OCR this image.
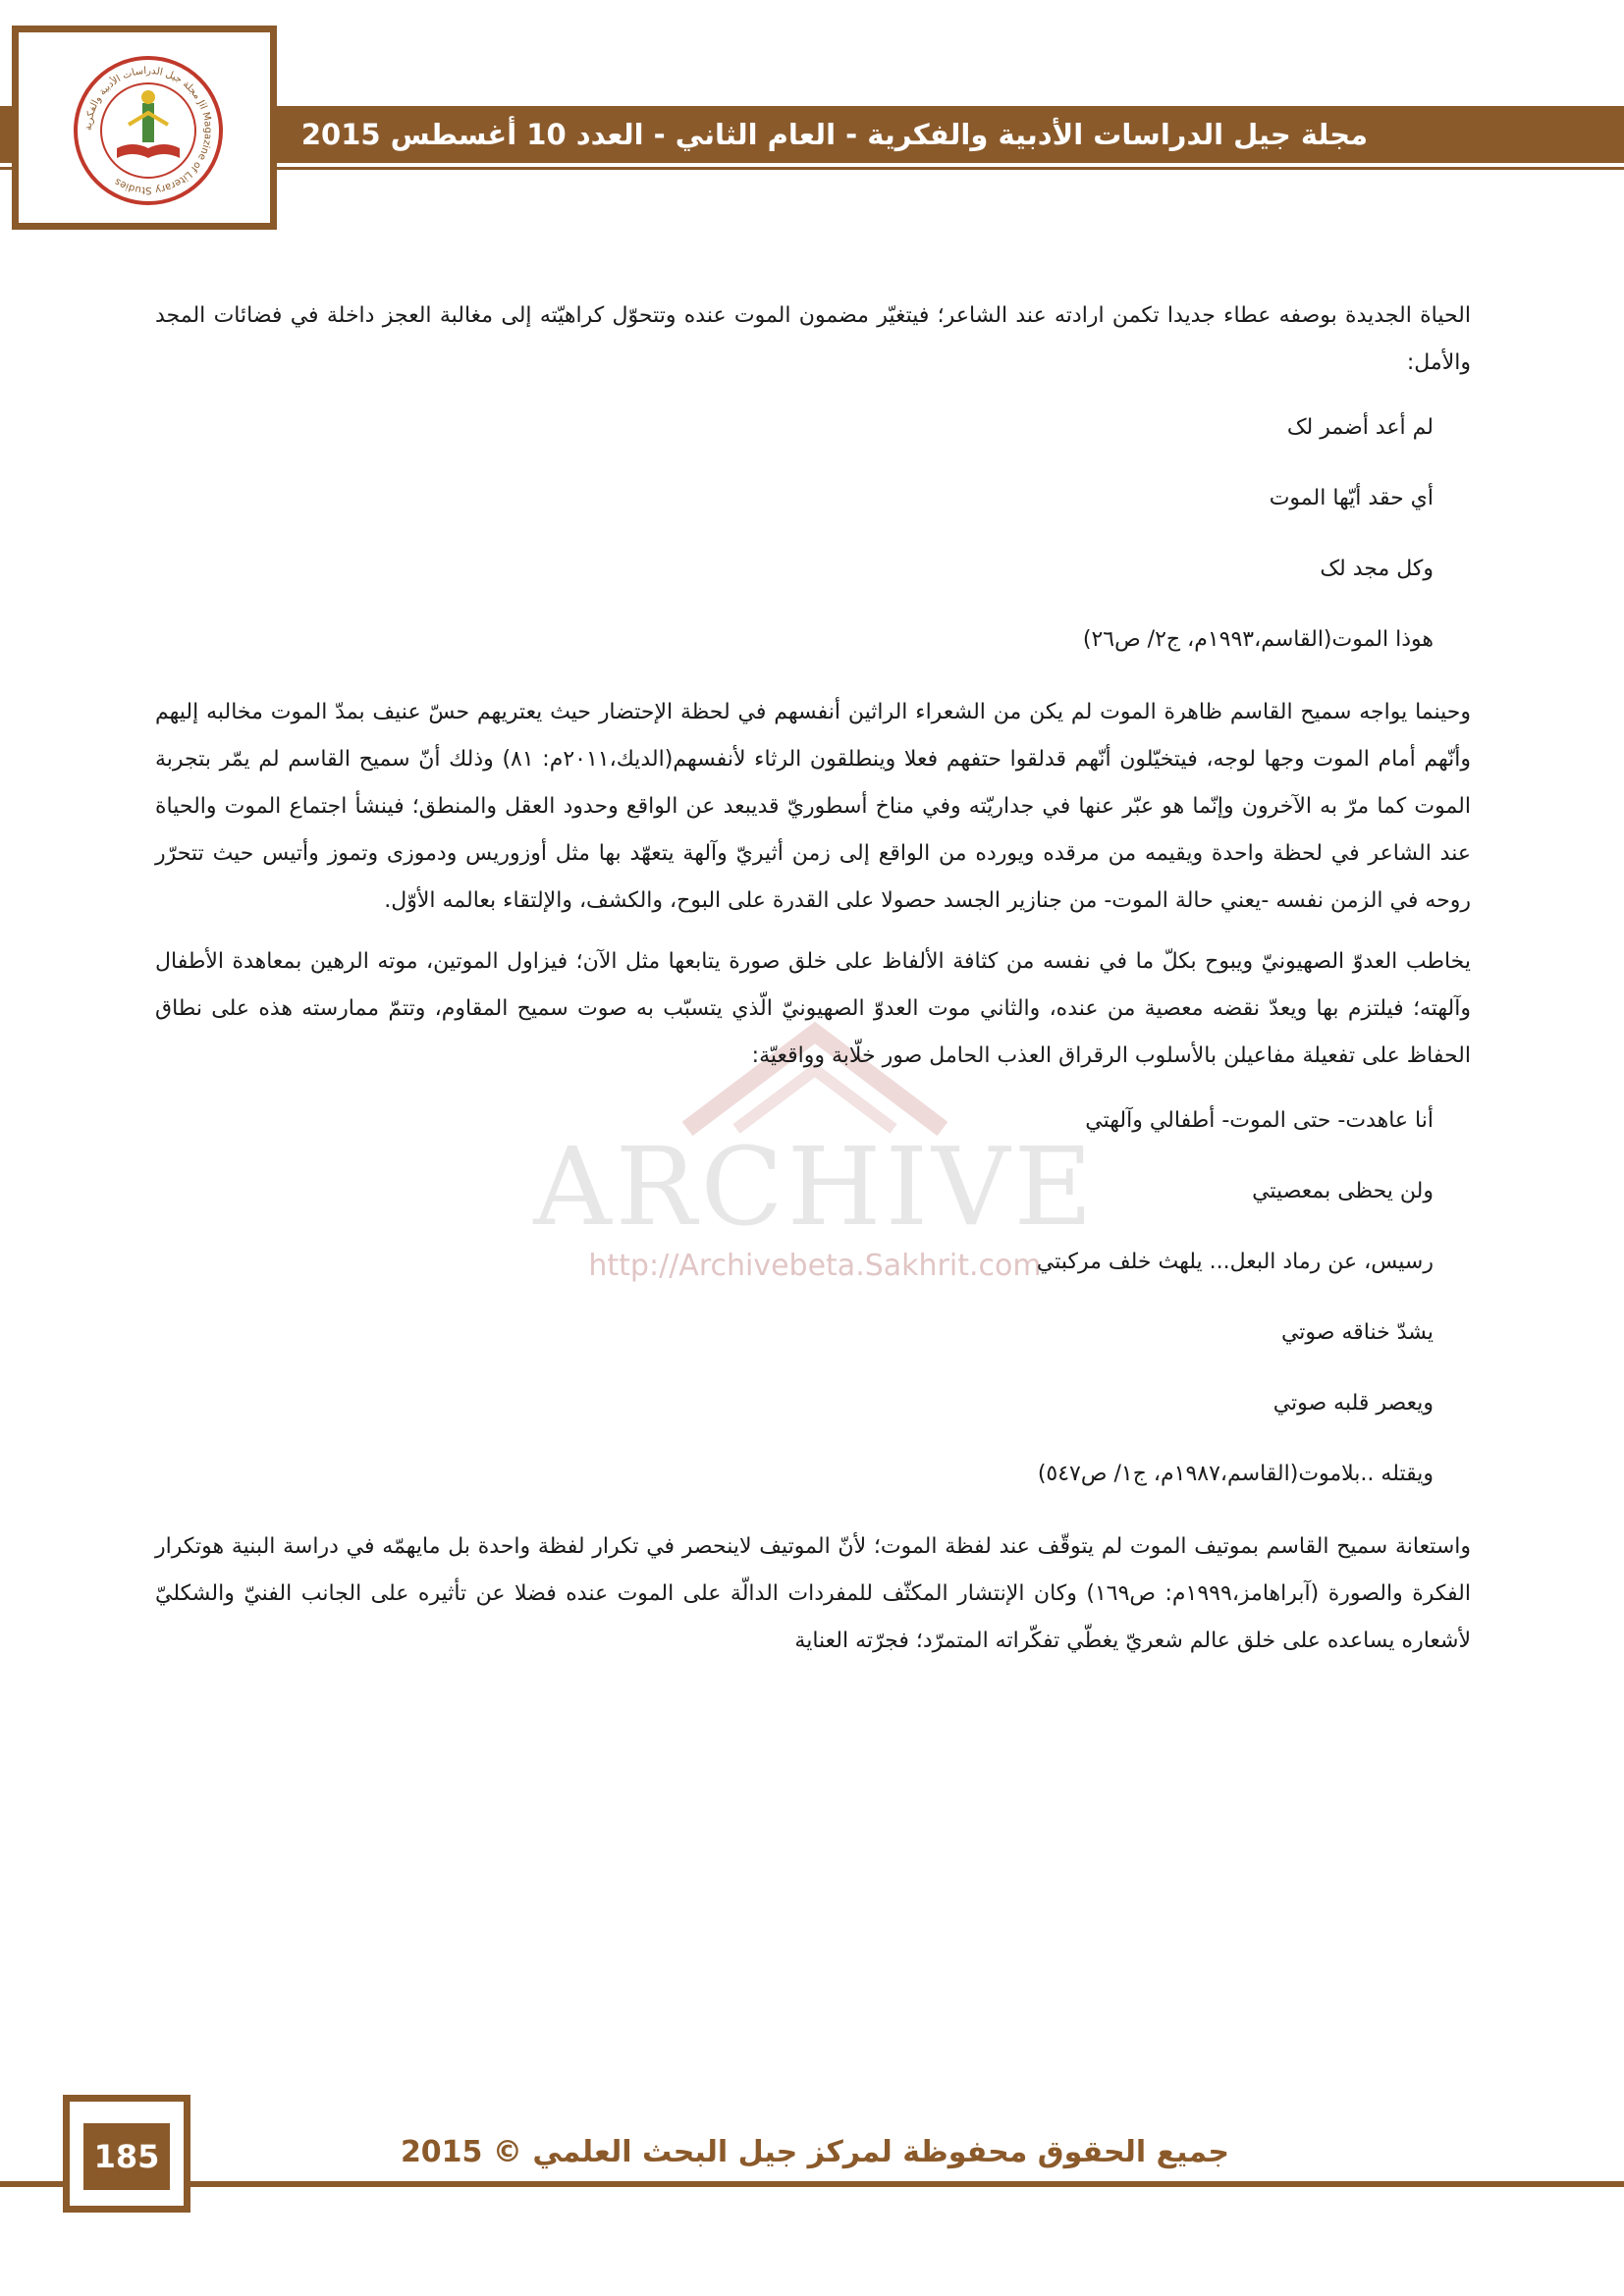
مجلة جيل الدراسات الأدبية والفكرية - العام الثاني - العدد 10 أغسطس 2015
مجلة جيل الدراسات الأدبية والفكرية Jil Magazine of Literary Studies
ARCHIVE
http://Archivebeta.Sakhrit.com

الحياة الجديدة بوصفه عطاء جديدا تكمن ارادته عند الشاعر؛ فيتغيّر مضمون الموت عنده وتتحوّل كراهيّته إلى مغالبة العجز داخلة في فضائات المجد والأمل:

لم أعد أضمر لک

أي حقد أيّها الموت

وکل مجد لک

هوذا الموت(القاسم،١٩٩٣م، ج٢/ ص٢٦)

وحينما يواجه سميح القاسم ظاهرة الموت لم يكن من الشعراء الراثين أنفسهم في لحظة الإحتضار حيث يعتريهم حسّ عنيف بمدّ الموت مخالبه إليهم وأنّهم أمام الموت وجها لوجه، فيتخيّلون أنّهم قدلقوا حتفهم فعلا وينطلقون الرثاء لأنفسهم(الديك،٢٠١١م: ٨١) وذلك أنّ سميح القاسم لم يمّر بتجربة الموت كما مرّ به الآخرون وإنّما هو عبّر عنها في جداريّته وفي مناخ أسطوريّ قديبعد عن الواقع وحدود العقل والمنطق؛ فينشأ اجتماع الموت والحياة عند الشاعر في لحظة واحدة ويقيمه من مرقده ويورده من الواقع إلى زمن أثيريّ وآلهة يتعهّد بها مثل أوزوريس ودموزى وتموز وأتيس حيث تتحرّر روحه في الزمن نفسه -يعني حالة الموت- من جنازير الجسد حصولا على القدرة على البوح، والكشف، والإلتقاء بعالمه الأوّل.

يخاطب العدوّ الصهيونيّ ويبوح بكلّ ما في نفسه من كثافة الألفاظ على خلق صورة يتابعها مثل الآن؛ فيزاول الموتين، موته الرهين بمعاهدة الأطفال وآلهته؛ فيلتزم بها ويعدّ نقضه معصية من عنده، والثاني موت العدوّ الصهيونيّ الّذي يتسبّب به صوت سميح المقاوم، وتتمّ ممارسته هذه على نطاق الحفاظ على تفعيلة مفاعيلن بالأسلوب الرقراق العذب الحامل صور خلّابة وواقعيّة:

أنا عاهدت- حتى الموت- أطفالي وآلهتي

ولن يحظى بمعصيتي

رسيس، عن رماد البعل... يلهث خلف مركبتي

يشدّ خناقه صوتي

ويعصر قلبه صوتي

ويقتله ..بلاموت(القاسم،١٩٨٧م، ج١/ ص٥٤٧)

واستعانة سميح القاسم بموتيف الموت لم يتوقّف عند لفظة الموت؛ لأنّ الموتيف لاينحصر في تكرار لفظة واحدة بل مايهمّه في دراسة البنية هوتكرار الفكرة والصورة (آبراهامز،١٩٩٩م: ص١٦٩) وكان الإنتشار المكثّف للمفردات الدالّة على الموت عنده فضلا عن تأثيره على الجانب الفنيّ والشكليّ لأشعاره يساعده على خلق عالم شعريّ يغطّي تفكّراته المتمرّد؛ فجرّته العناية

185	جميع الحقوق محفوظة لمركز جيل البحث العلمي © 2015
